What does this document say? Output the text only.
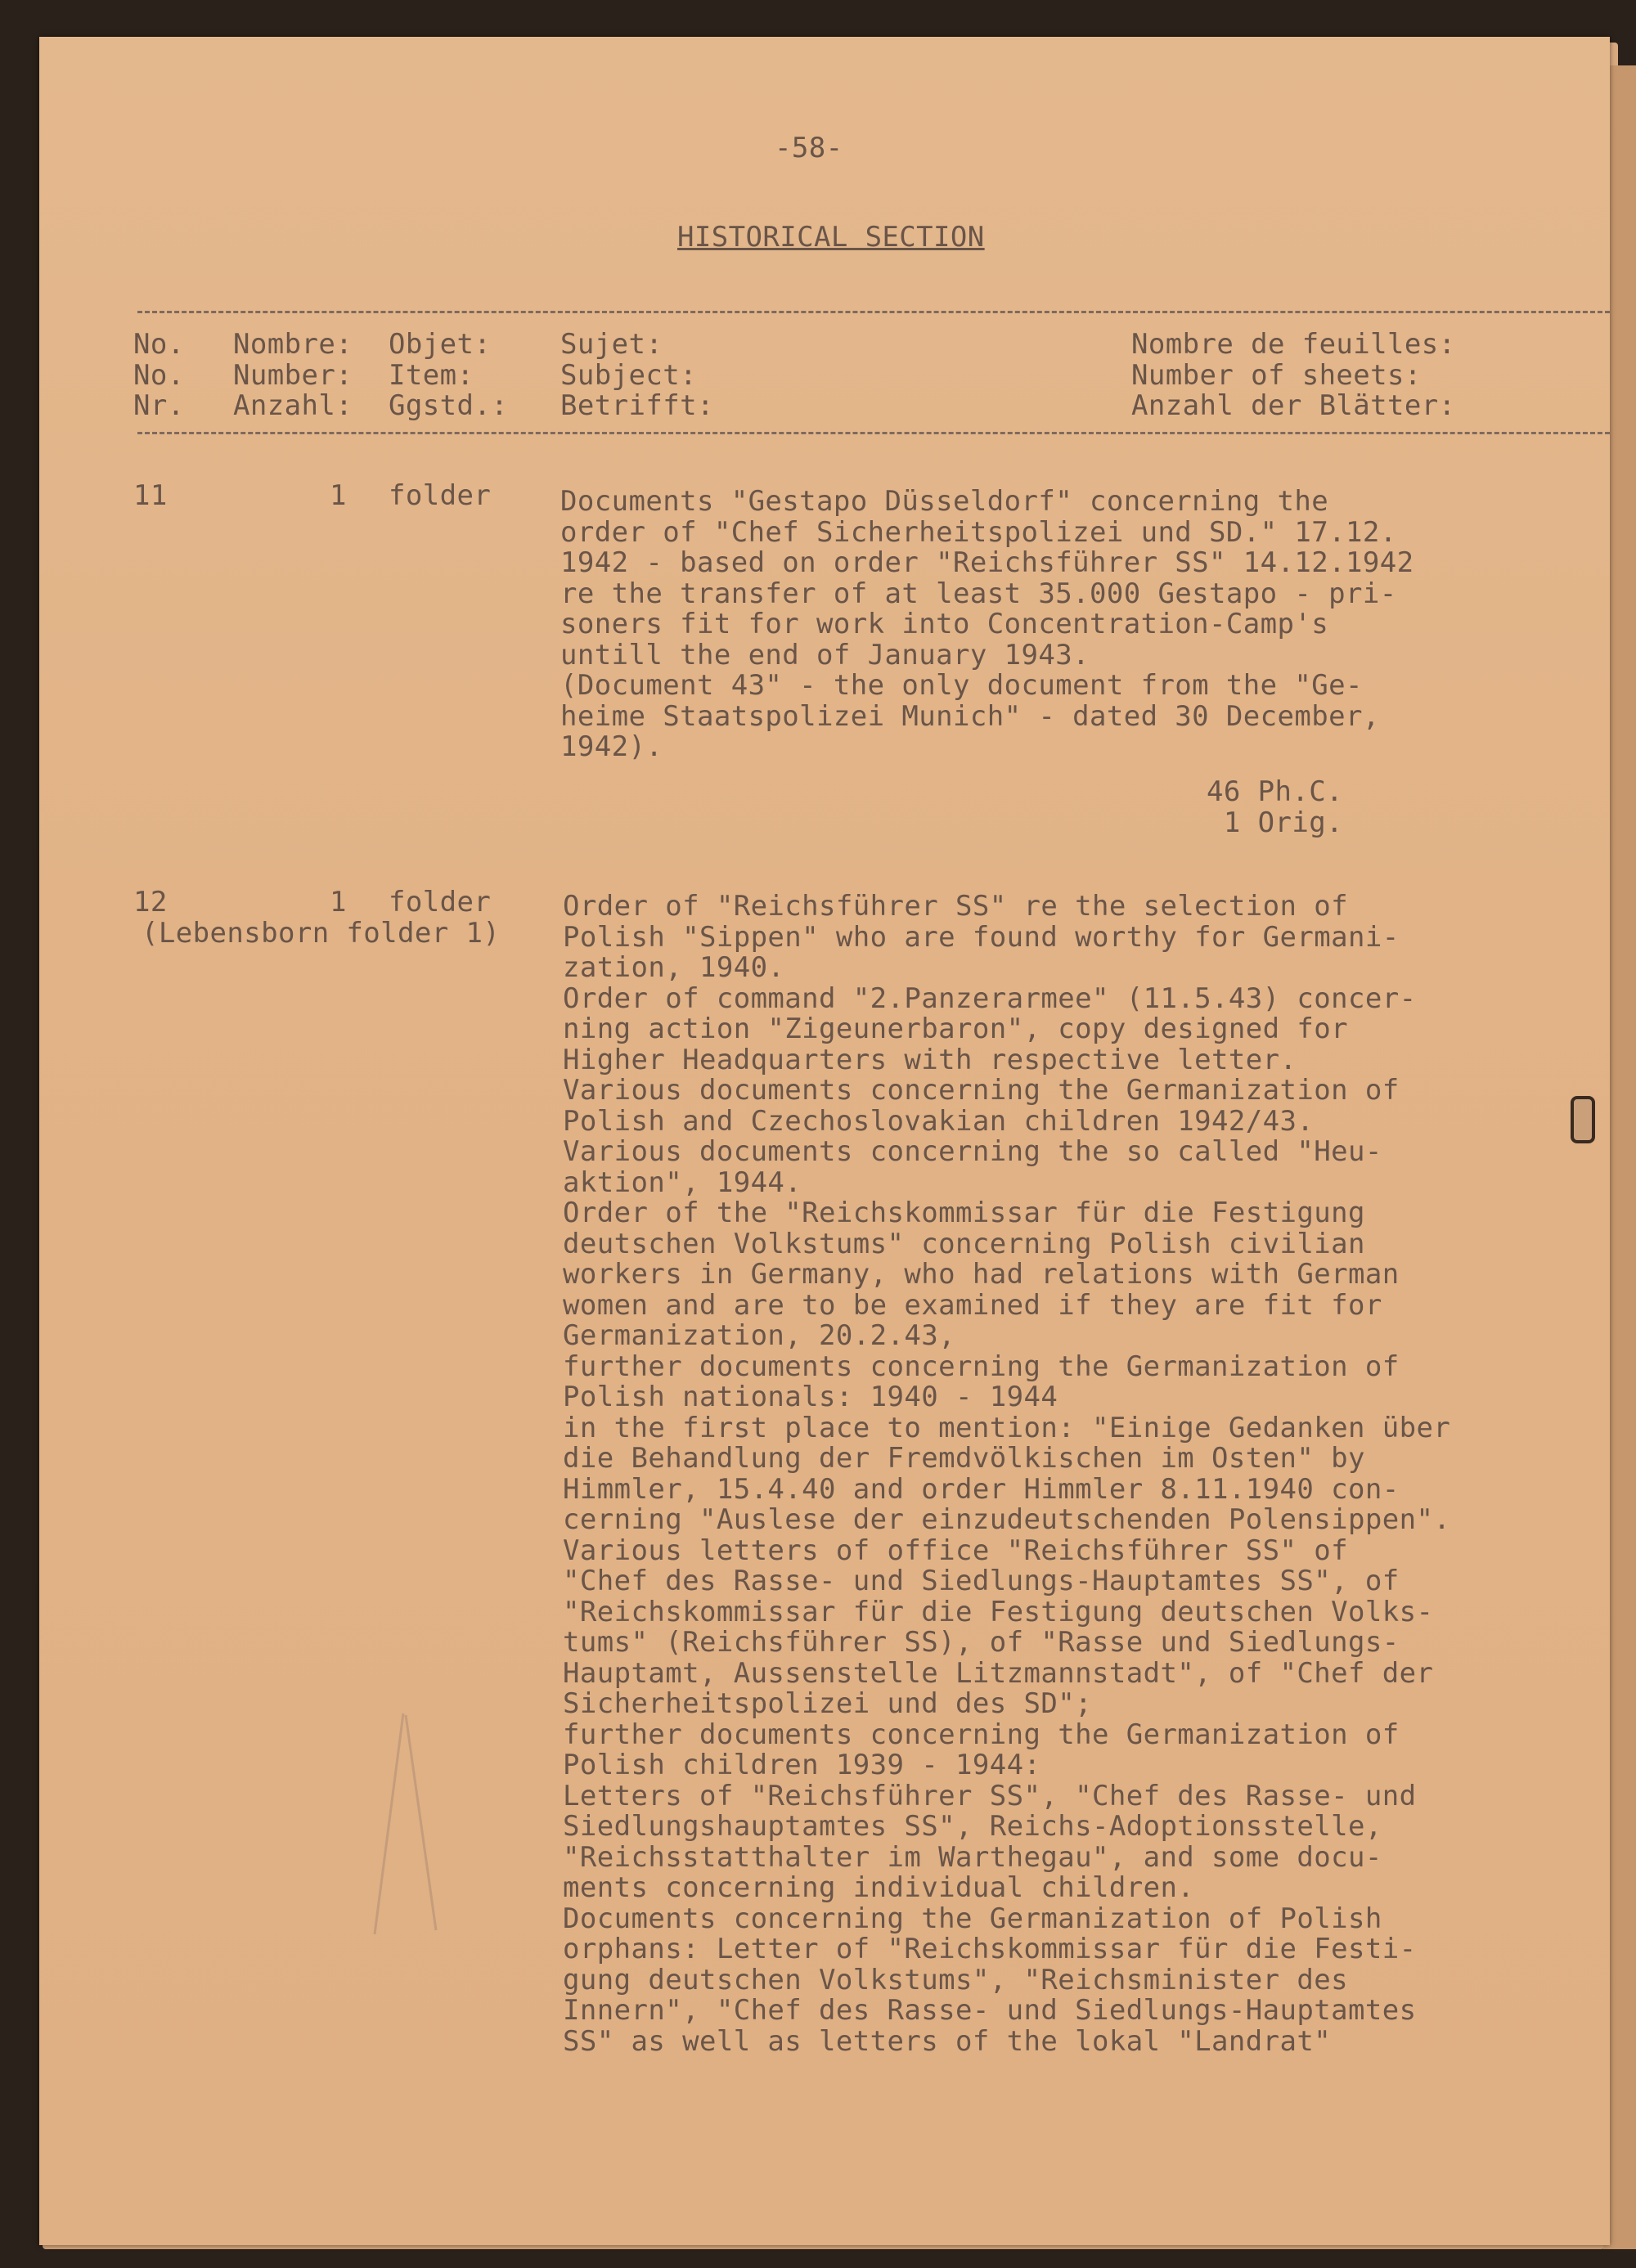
-58-
HISTORICAL SECTION
No.
No.
Nr.
Nombre:
Number:
Anzahl:
Objet:
Item:
Ggstd.:
Sujet:
Subject:
Betrifft:
Nombre de feuilles:
Number of sheets:
Anzahl der Blätter:
11	1 folder Documents "Gestapo Düsseldorf" concerning the
order of "Chef Sicherheitspolizei und SD." 17.12.
1942 - based on order "Reichsführer SS" 14.12.1942
re the transfer of at least 35.000 Gestapo - pri-
soners fit for work into Concentration-Camp's
untill the end of January 1943.
(Document 43" - the only document from the "Ge-
heime Staatspolizei Munich" - dated 30 December,
1942).
46 Ph.C.
1 Orig.
12	1 folder
(Lebensborn folder 1)
Order of "Reichsführer SS" re the selection of
Polish "Sippen" who are found worthy for Germani-
zation, 1940.
Order of command "2.Panzerarmee" (11.5.43) concer-
ning action "Zigeunerbaron", copy designed for
Higher Headquarters with respective letter.
Various documents concerning the Germanization of
Polish and Czechoslovakian children 1942/43.
Various documents concerning the so called "Heu-
aktion", 1944.
Order of the "Reichskommissar für die Festigung
deutschen Volkstums" concerning Polish civilian
workers in Germany, who had relations with German
women and are to be examined if they are fit for
Germanization, 20.2.43,
further documents concerning the Germanization of
Polish nationals: 1940 - 1944
in the first place to mention: "Einige Gedanken über
die Behandlung der Fremdvölkischen im Osten" by
Himmler, 15.4.40 and order Himmler 8.11.1940 con-
cerning "Auslese der einzudeutschenden Polensippen".
Various letters of office "Reichsführer SS" of
"Chef des Rasse- und Siedlungs-Hauptamtes SS", of
"Reichskommissar für die Festigung deutschen Volks-
tums" (Reichsführer SS), of "Rasse und Siedlungs-
Hauptamt, Aussenstelle Litzmannstadt", of "Chef der
Sicherheitspolizei und des SD";
further documents concerning the Germanization of
Polish children 1939 - 1944:
Letters of "Reichsführer SS", "Chef des Rasse- und
Siedlungshauptamtes SS", Reichs-Adoptionsstelle,
"Reichsstatthalter im Warthegau", and some docu-
ments concerning individual children.
Documents concerning the Germanization of Polish
orphans: Letter of "Reichskommissar für die Festi-
gung deutschen Volkstums", "Reichsminister des
Innern", "Chef des Rasse- und Siedlungs-Hauptamtes
SS" as well as letters of the lokal "Landrat"
